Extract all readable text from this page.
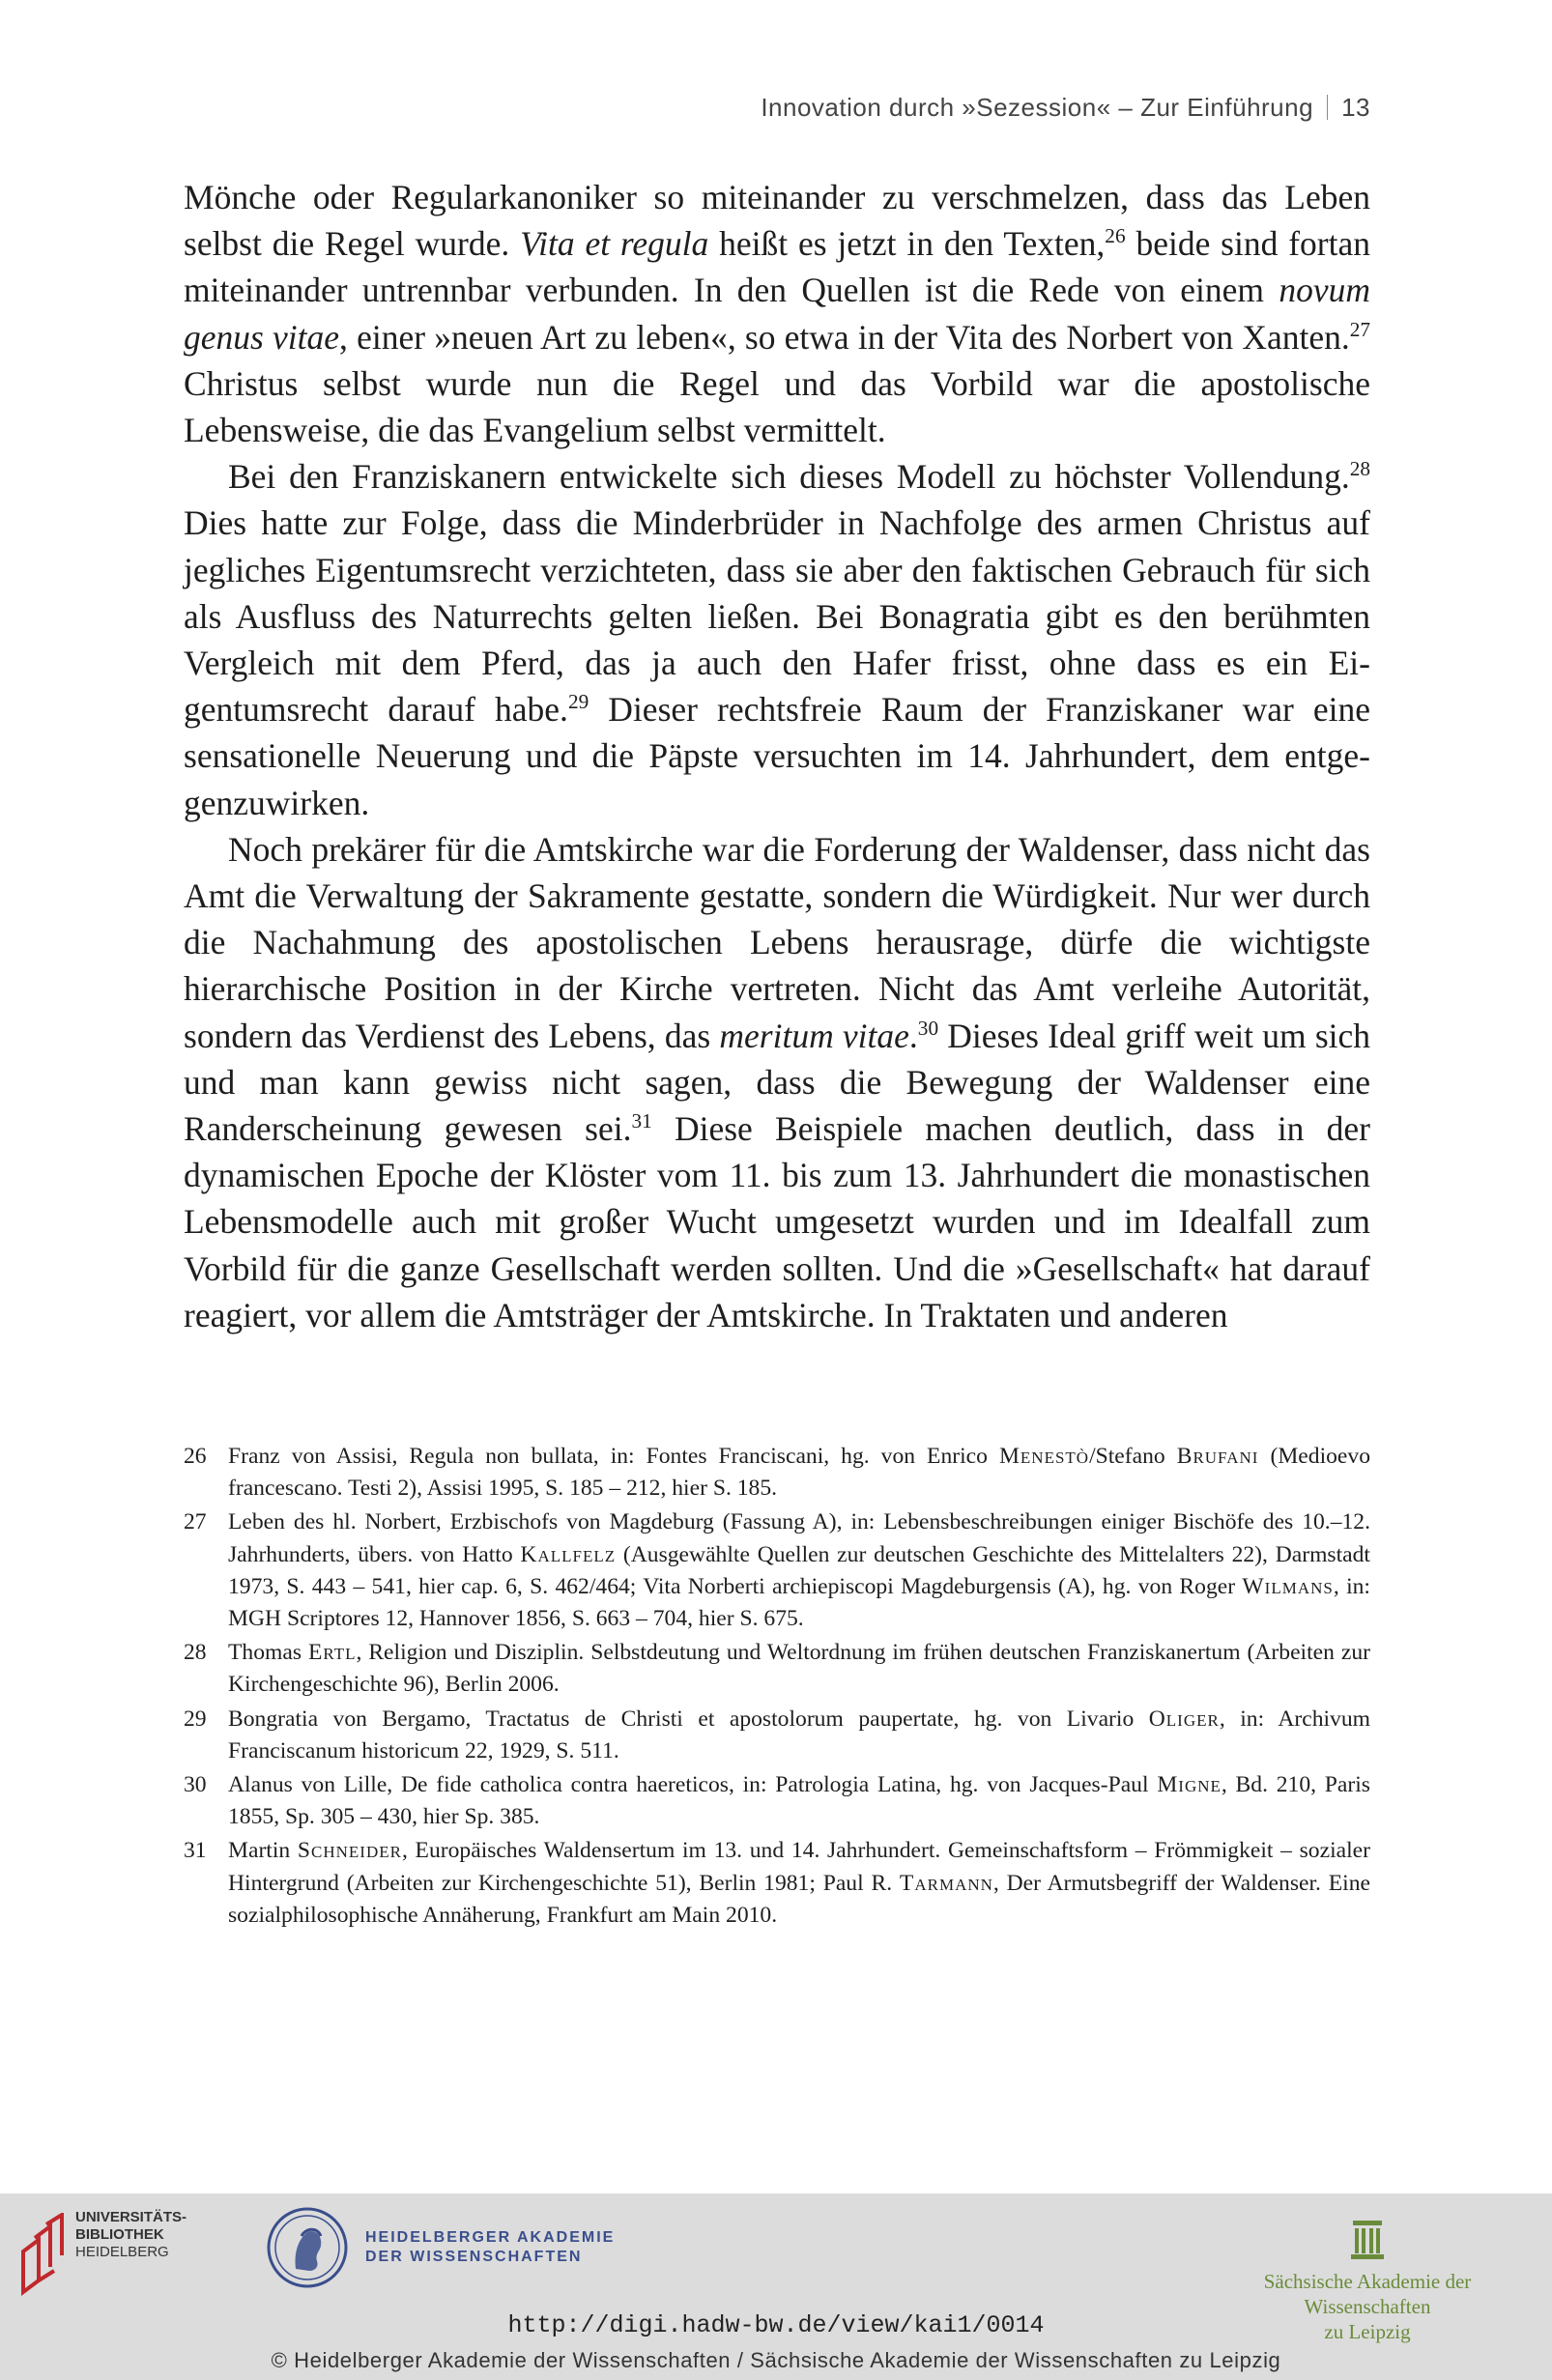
Innovation durch »Sezession« – Zur Einführung 13

Mönche oder Regularkanoniker so miteinander zu verschmelzen, dass das Leben selbst die Regel wurde. Vita et regula heißt es jetzt in den Texten,$^{26}$ beide sind fortan miteinander untrennbar verbunden. In den Quellen ist die Rede von einem novum genus vitae, einer »neuen Art zu leben«, so etwa in der Vita des Norbert von Xanten.$^{27}$ Christus selbst wurde nun die Regel und das Vorbild war die apostolische Lebensweise, die das Evangelium selbst vermittelt.

Bei den Franziskanern entwickelte sich dieses Modell zu höchster Vollendung.$^{28}$ Dies hatte zur Folge, dass die Minderbrüder in Nachfolge des armen Christus auf jegliches Eigentumsrecht verzichteten, dass sie aber den faktischen Gebrauch für sich als Ausfluss des Naturrechts gelten ließen. Bei Bonagratia gibt es den berühmten Vergleich mit dem Pferd, das ja auch den Hafer frisst, ohne dass es ein Eigentumsrecht darauf habe.$^{29}$ Dieser rechtsfreie Raum der Franziskaner war eine sensationelle Neuerung und die Päpste versuchten im 14. Jahrhundert, dem entgegenzuwirken.

Noch prekärer für die Amtskirche war die Forderung der Waldenser, dass nicht das Amt die Verwaltung der Sakramente gestatte, sondern die Würdigkeit. Nur wer durch die Nachahmung des apostolischen Lebens herausrage, dürfe die wichtigste hierarchische Position in der Kirche vertreten. Nicht das Amt verleihe Autorität, sondern das Verdienst des Lebens, das meritum vitae.$^{30}$ Dieses Ideal griff weit um sich und man kann gewiss nicht sagen, dass die Bewegung der Waldenser eine Randerscheinung gewesen sei.$^{31}$ Diese Beispiele machen deutlich, dass in der dynamischen Epoche der Klöster vom 11. bis zum 13. Jahrhundert die monastischen Lebensmodelle auch mit großer Wucht umgesetzt wurden und im Idealfall zum Vorbild für die ganze Gesellschaft werden sollten. Und die »Gesellschaft« hat darauf reagiert, vor allem die Amtsträger der Amtskirche. In Traktaten und anderen

26 Franz von Assisi, Regula non bullata, in: Fontes Franciscani, hg. von Enrico Menestò/Stefano Brufani (Medioevo francescano. Testi 2), Assisi 1995, S. 185 – 212, hier S. 185.
27 Leben des hl. Norbert, Erzbischofs von Magdeburg (Fassung A), in: Lebensbeschreibungen einiger Bischöfe des 10.–12. Jahrhunderts, übers. von Hatto Kallfelz (Ausgewählte Quellen zur deutschen Geschichte des Mittelalters 22), Darmstadt 1973, S. 443 – 541, hier cap. 6, S. 462/464; Vita Norberti archiepiscopi Magdeburgensis (A), hg. von Roger Wilmans, in: MGH Scriptores 12, Hannover 1856, S. 663 – 704, hier S. 675.
28 Thomas Ertl, Religion und Disziplin. Selbstdeutung und Weltordnung im frühen deutschen Franziskanertum (Arbeiten zur Kirchengeschichte 96), Berlin 2006.
29 Bongratia von Bergamo, Tractatus de Christi et apostolorum paupertate, hg. von Livario Oliger, in: Archivum Franciscanum historicum 22, 1929, S. 511.
30 Alanus von Lille, De fide catholica contra haereticos, in: Patrologia Latina, hg. von Jacques-Paul Migne, Bd. 210, Paris 1855, Sp. 305 – 430, hier Sp. 385.
31 Martin Schneider, Europäisches Waldensertum im 13. und 14. Jahrhundert. Gemeinschaftsform – Frömmigkeit – sozialer Hintergrund (Arbeiten zur Kirchengeschichte 51), Berlin 1981; Paul R. Tarmann, Der Armutsbegriff der Waldenser. Eine sozialphilosophische Annäherung, Frankfurt am Main 2010.
UNIVERSITÄTS-
BIBLIOTHEK
HEIDELBERG
HEIDELBERGER AKADEMIE
DER WISSENSCHAFTEN
Sächsische Akademie der Wissenschaften
zu Leipzig
http://digi.hadw-bw.de/view/kai1/0014
© Heidelberger Akademie der Wissenschaften / Sächsische Akademie der Wissenschaften zu Leipzig
